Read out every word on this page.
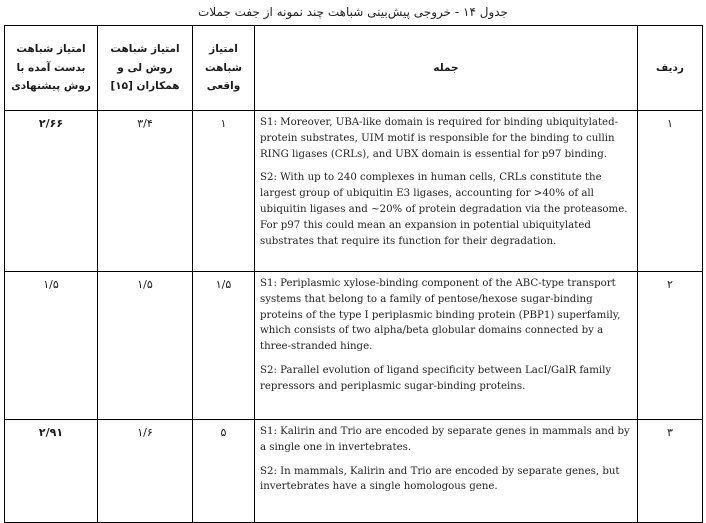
جدول ۱۴ - خروجی پیش‌بینی شباهت چند نمونه از جفت جملات
امتیاز شباهت بدست آمده با روش پیشنهادی	امتیاز شباهت روش لی و همکاران [۱۵]	امتیاز شباهت واقعی	جمله	ردیف
۲/۶۶	۳/۴	۱	S1: Moreover, UBA-like domain is required for binding ubiquitylated-protein substrates, UIM motif is responsible for the binding to cullin RING ligases (CRLs), and UBX domain is essential for p97 binding.

S2: With up to 240 complexes in human cells, CRLs constitute the largest group of ubiquitin E3 ligases, accounting for >40% of all ubiquitin ligases and ~20% of protein degradation via the proteasome. For p97 this could mean an expansion in potential ubiquitylated substrates that require its function for their degradation.	۱
۱/۵	۱/۵	۱/۵	S1: Periplasmic xylose-binding component of the ABC-type transport systems that belong to a family of pentose/hexose sugar-binding proteins of the type I periplasmic binding protein (PBP1) superfamily, which consists of two alpha/beta globular domains connected by a three-stranded hinge.

S2: Parallel evolution of ligand specificity between LacI/GalR family repressors and periplasmic sugar-binding proteins.	۲
۲/۹۱	۱/۶	۵	S1: Kalirin and Trio are encoded by separate genes in mammals and by a single one in invertebrates.

S2: In mammals, Kalirin and Trio are encoded by separate genes, but invertebrates have a single homologous gene.	۳
